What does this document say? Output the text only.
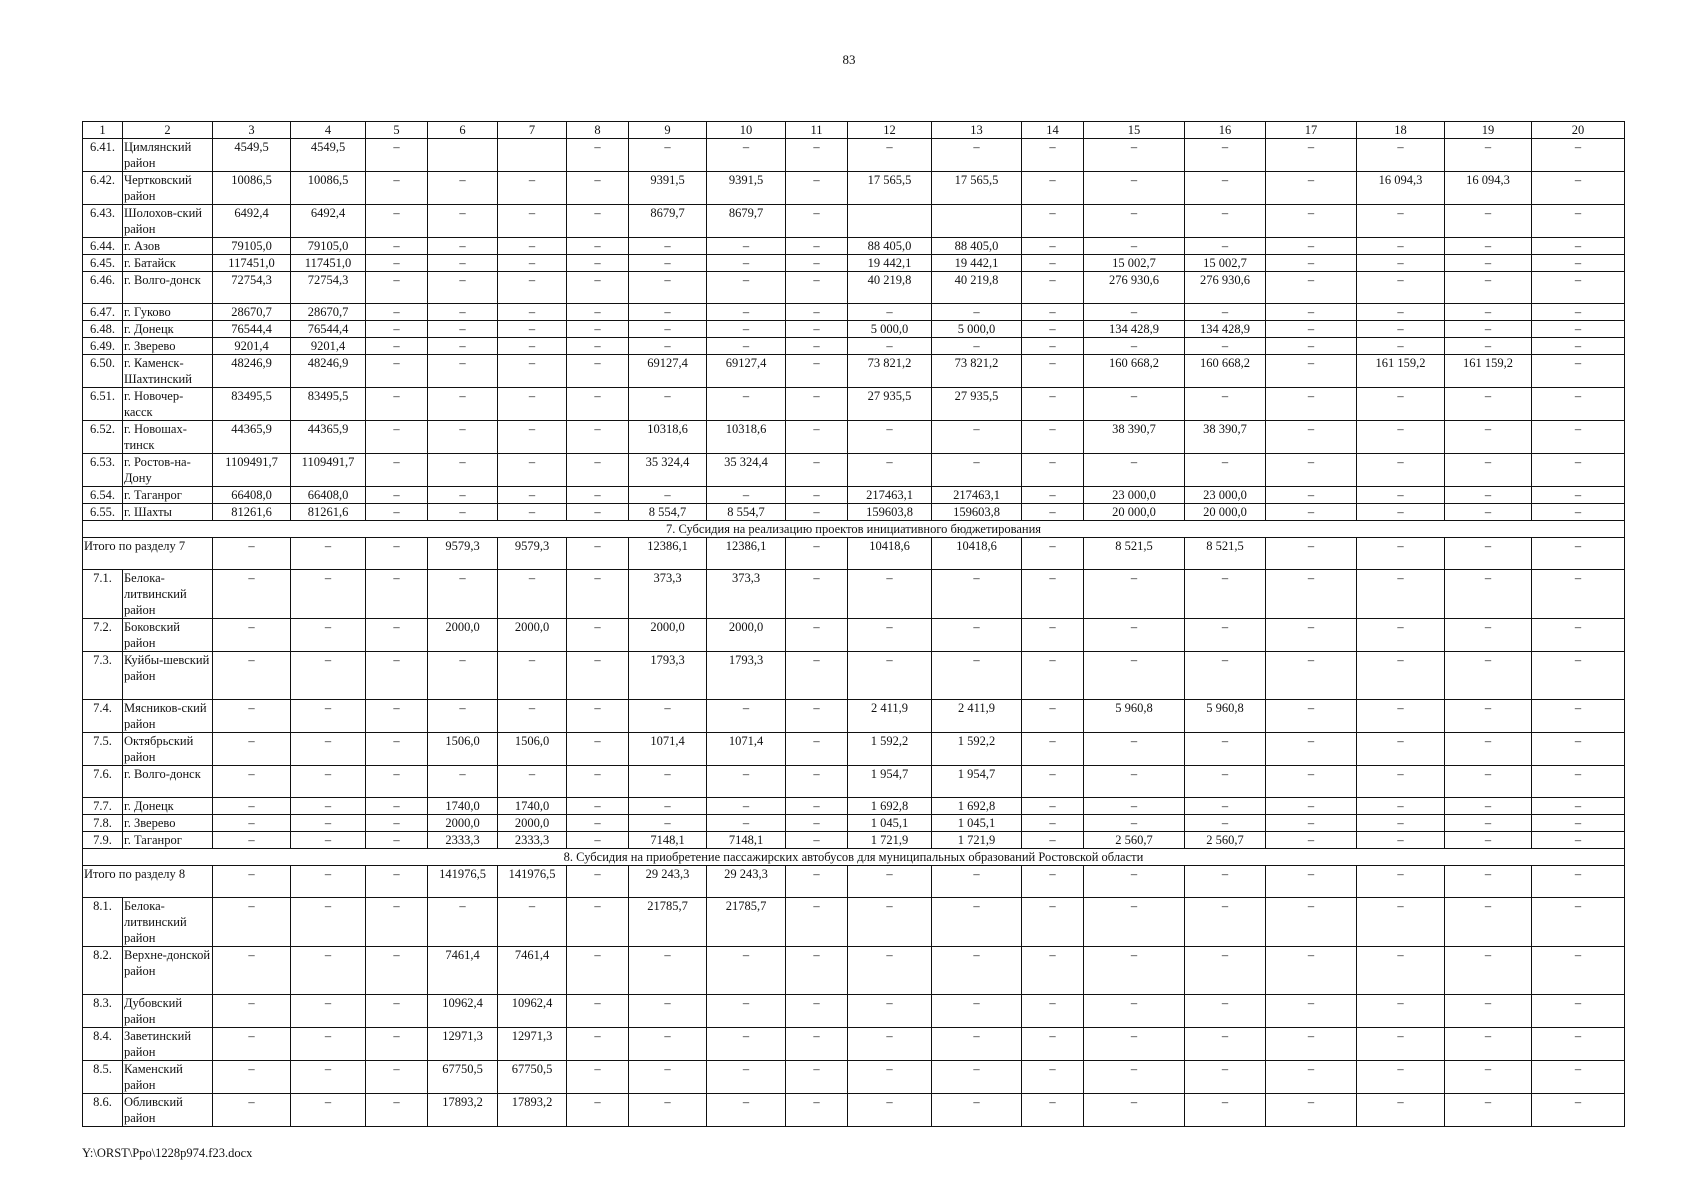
83
1	2	3	4	5	6	7	8	9	10	11	12	13	14	15	16	17	18	19	20
6.41.	Цимлянский район	4549,5	4549,5	–			–	–	–	–	–	–	–	–	–	–	–	–	–
6.42.	Чертковский район	10086,5	10086,5	–	–	–	–	9391,5	9391,5	–	17 565,5	17 565,5	–	–	–	–	16 094,3	16 094,3	–
6.43.	Шолохов-ский район	6492,4	6492,4	–	–	–	–	8679,7	8679,7	–			–	–	–	–	–	–	–
6.44.	г. Азов	79105,0	79105,0	–	–	–	–	–	–	–	88 405,0	88 405,0	–	–	–	–	–	–	–
6.45.	г. Батайск	117451,0	117451,0	–	–	–	–	–	–	–	19 442,1	19 442,1	–	15 002,7	15 002,7	–	–	–	–
6.46.	г. Волго-донск	72754,3	72754,3	–	–	–	–	–	–	–	40 219,8	40 219,8	–	276 930,6	276 930,6	–	–	–	–
6.47.	г. Гуково	28670,7	28670,7	–	–	–	–	–	–	–	–	–	–	–	–	–	–	–	–
6.48.	г. Донецк	76544,4	76544,4	–	–	–	–	–	–	–	5 000,0	5 000,0	–	134 428,9	134 428,9	–	–	–	–
6.49.	г. Зверево	9201,4	9201,4	–	–	–	–	–	–	–	–	–	–	–	–	–	–	–	–
6.50.	г. Каменск-Шахтинский	48246,9	48246,9	–	–	–	–	69127,4	69127,4	–	73 821,2	73 821,2	–	160 668,2	160 668,2	–	161 159,2	161 159,2	–
6.51.	г. Новочер-касск	83495,5	83495,5	–	–	–	–	–	–	–	27 935,5	27 935,5	–	–	–	–	–	–	–
6.52.	г. Новошах-тинск	44365,9	44365,9	–	–	–	–	10318,6	10318,6	–	–	–	–	38 390,7	38 390,7	–	–	–	–
6.53.	г. Ростов-на-Дону	1109491,7	1109491,7	–	–	–	–	35 324,4	35 324,4	–	–	–	–	–	–	–	–	–	–
6.54.	г. Таганрог	66408,0	66408,0	–	–	–	–	–	–	–	217463,1	217463,1	–	23 000,0	23 000,0	–	–	–	–
6.55.	г. Шахты	81261,6	81261,6	–	–	–	–	8 554,7	8 554,7	–	159603,8	159603,8	–	20 000,0	20 000,0	–	–	–	–
7. Субсидия на реализацию проектов инициативного бюджетирования																			
Итого по разделу 7		–	–	–	9579,3	9579,3	–	12386,1	12386,1	–	10418,6	10418,6	–	8 521,5	8 521,5	–	–	–	–
7.1.	Белока-литвинский район	–	–	–	–	–	–	373,3	373,3	–	–	–	–	–	–	–	–	–	–
7.2.	Боковский район	–	–	–	2000,0	2000,0	–	2000,0	2000,0	–	–	–	–	–	–	–	–	–	–
7.3.	Куйбы-шевский район	–	–	–	–	–	–	1793,3	1793,3	–	–	–	–	–	–	–	–	–	–
7.4.	Мясников-ский район	–	–	–	–	–	–	–	–	–	2 411,9	2 411,9	–	5 960,8	5 960,8	–	–	–	–
7.5.	Октябрьский район	–	–	–	1506,0	1506,0	–	1071,4	1071,4	–	1 592,2	1 592,2	–	–	–	–	–	–	–
7.6.	г. Волго-донск	–	–	–	–	–	–	–	–	–	1 954,7	1 954,7	–	–	–	–	–	–	–
7.7.	г. Донецк	–	–	–	1740,0	1740,0	–	–	–	–	1 692,8	1 692,8	–	–	–	–	–	–	–
7.8.	г. Зверево	–	–	–	2000,0	2000,0	–	–	–	–	1 045,1	1 045,1	–	–	–	–	–	–	–
7.9.	г. Таганрог	–	–	–	2333,3	2333,3	–	7148,1	7148,1	–	1 721,9	1 721,9	–	2 560,7	2 560,7	–	–	–	–
8. Субсидия на приобретение пассажирских автобусов для муниципальных образований Ростовской области																			
Итого по разделу 8		–	–	–	141976,5	141976,5	–	29 243,3	29 243,3	–	–	–	–	–	–	–	–	–	–
8.1.	Белока-литвинский район	–	–	–	–	–	–	21785,7	21785,7	–	–	–	–	–	–	–	–	–	–
8.2.	Верхне-донской район	–	–	–	7461,4	7461,4	–	–	–	–	–	–	–	–	–	–	–	–	–
8.3.	Дубовский район	–	–	–	10962,4	10962,4	–	–	–	–	–	–	–	–	–	–	–	–	–
8.4.	Заветинский район	–	–	–	12971,3	12971,3	–	–	–	–	–	–	–	–	–	–	–	–	–
8.5.	Каменский район	–	–	–	67750,5	67750,5	–	–	–	–	–	–	–	–	–	–	–	–	–
8.6.	Обливский район	–	–	–	17893,2	17893,2	–	–	–	–	–	–	–	–	–	–	–	–	–
Y:\ORST\Ppo\1228p974.f23.docx
